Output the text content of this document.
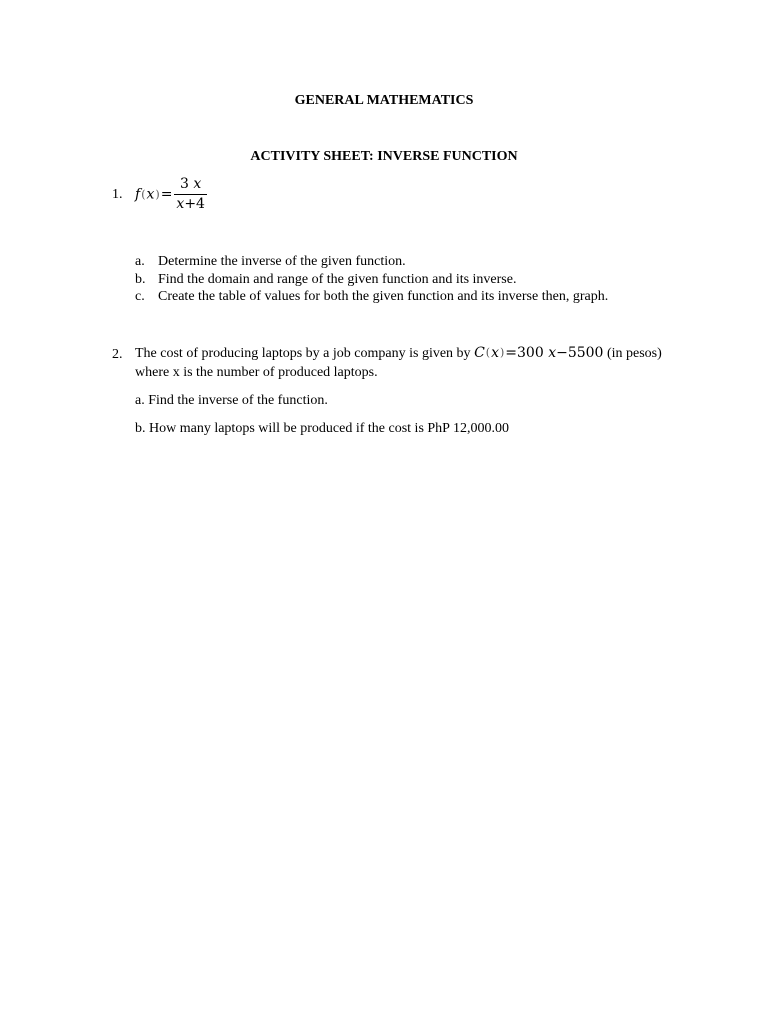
GENERAL MATHEMATICS
ACTIVITY SHEET: INVERSE FUNCTION
1. $f(x)= \frac{3 x}{x+4}$
a. Determine the inverse of the given function.
b. Find the domain and range of the given function and its inverse.
c. Create the table of values for both the given function and its inverse then, graph.
2. The cost of producing laptops by a job company is given by C(x)=300 x−5500 (in pesos)
where x is the number of produced laptops.
a. Find the inverse of the function.
b. How many laptops will be produced if the cost is PhP 12,000.00
